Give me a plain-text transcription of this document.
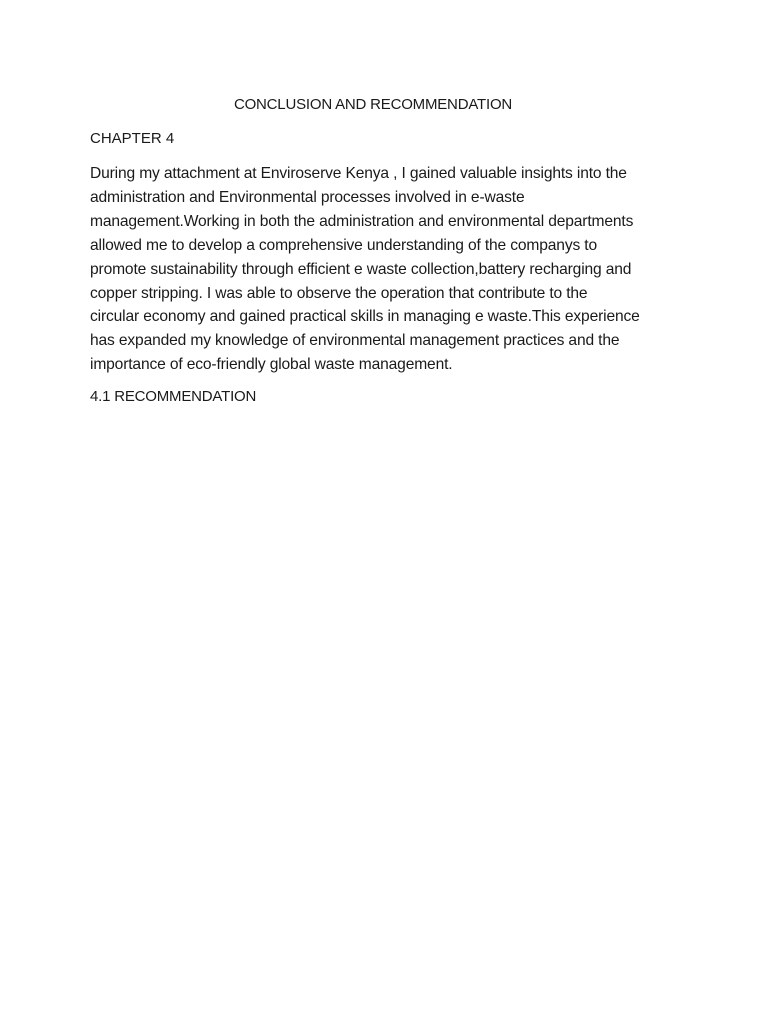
CONCLUSION AND RECOMMENDATION

CHAPTER 4

During my attachment at Enviroserve Kenya , I gained valuable insights into the
administration and Environmental processes involved in e-waste
management.Working in both the administration and environmental departments
allowed me to develop a comprehensive understanding of the companys to
promote sustainability through efficient e waste collection,battery recharging and
copper stripping. I was able to observe the operation that contribute to the
circular economy and gained practical skills in managing e waste.This experience
has expanded my knowledge of environmental management practices and the
importance of eco-friendly global waste management.

4.1 RECOMMENDATION
